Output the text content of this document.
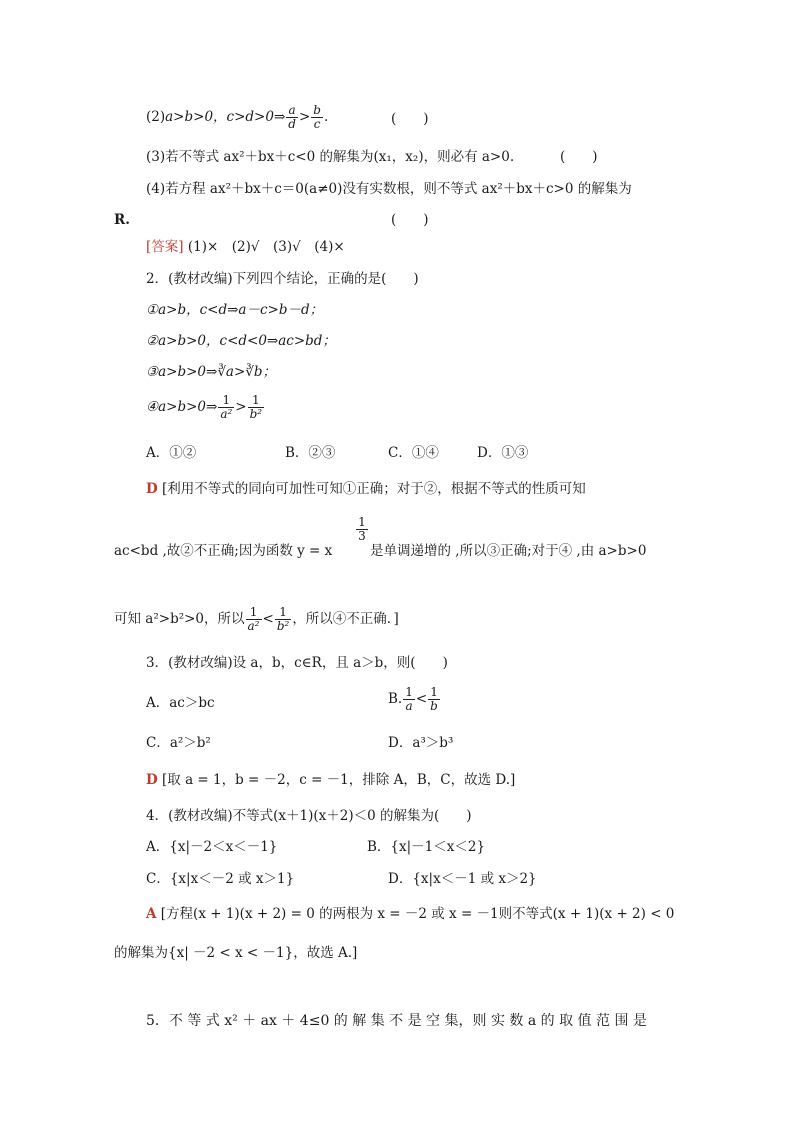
(2)a>b>0，c>d>0⇒ $\frac{a}{d} > \frac{b}{c}$ .	(　　)
(3)若不等式 ax²＋bx＋c<0 的解集为(x₁，x₂)，则必有 a>0.	(　　)
(4)若方程 ax²＋bx＋c＝0(a≠0)没有实数根，则不等式 ax²＋bx＋c>0 的解集为
R.	(　　)
[答案] (1)×　(2)√　(3)√　(4)×
2．(教材改编)下列四个结论，正确的是(　　)
①a>b，c<d⇒a－c>b－d；
②a>b>0，c<d<0⇒ac>bd；
③a>b>0⇒∛a>∛b；
④a>b>0⇒ $\frac{1}{\text{a²}} > \frac{1}{\text{b²}}$
A．①②	B．②③	C．①④	D．①③
D [利用不等式的同向可加性可知①正确；对于②，根据不等式的性质可知
ac<bd ,故②不正确;因为函数 y = x
1
3
是单调递增的 ,所以③正确;对于④ ,由 a>b>0
可知 a²>b²>0，所以 $\frac{1}{\text{a²}} < \frac{1}{\text{b²}}$ ，所以④不正确．]
3．(教材改编)设 a，b，c∈R，且 a＞b，则(　　)
A．ac＞bc	B. $\frac{1}{a} < \frac{1}{b}$
C．a²＞b²	D．a³＞b³
D [取 a = 1，b = －2，c = －1，排除 A，B，C，故选 D.]
4．(教材改编)不等式(x＋1)(x＋2)＜0 的解集为(　　)
A．{x|－2＜x＜－1}	B．{x|－1＜x＜2}
C．{x|x＜－2 或 x＞1}	D．{x|x＜－1 或 x＞2}
A [方程(x + 1)(x + 2) = 0 的两根为 x = －2 或 x = －1则不等式(x + 1)(x + 2) < 0
的解集为{x| －2 < x < －1}，故选 A.]
5．不 等 式 x² ＋ ax ＋ 4≤0 的 解 集 不 是 空 集，则 实 数 a 的 取 值 范 围 是
